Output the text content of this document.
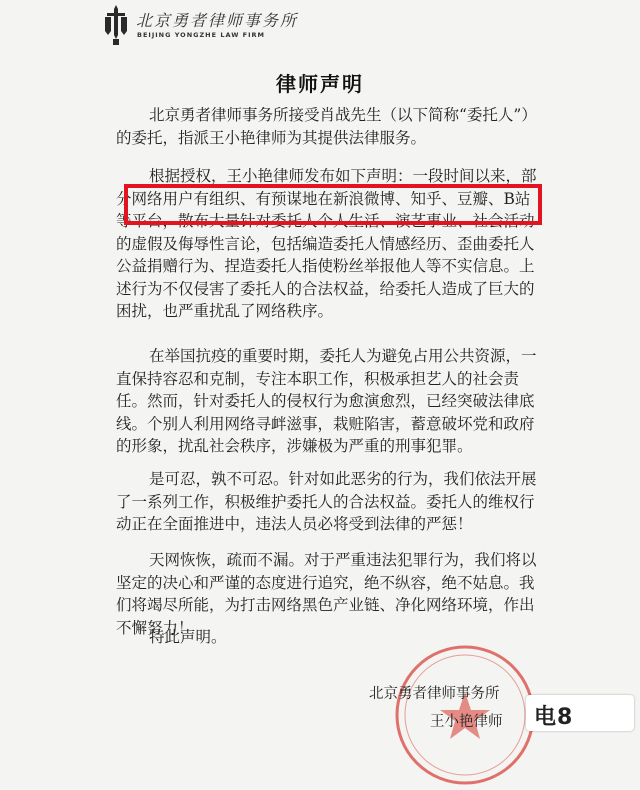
北京勇者律师事务所
BEIJING YONGZHE LAW FIRM
律师声明

北京勇者律师事务所接受肖战先生（以下简称“委托人”）的委托，指派王小艳律师为其提供法律服务。

根据授权，王小艳律师发布如下声明：一段时间以来，部分网络用户有组织、有预谋地在新浪微博、知乎、豆瓣、B站等平台，散布大量针对委托人个人生活、演艺事业、社会活动的虚假及侮辱性言论，包括编造委托人情感经历、歪曲委托人公益捐赠行为、捏造委托人指使粉丝举报他人等不实信息。上述行为不仅侵害了委托人的合法权益，给委托人造成了巨大的困扰，也严重扰乱了网络秩序。

在举国抗疫的重要时期，委托人为避免占用公共资源，一直保持容忍和克制，专注本职工作，积极承担艺人的社会责任。然而，针对委托人的侵权行为愈演愈烈，已经突破法律底线。个别人利用网络寻衅滋事，栽赃陷害，蓄意破坏党和政府的形象，扰乱社会秩序，涉嫌极为严重的刑事犯罪。

是可忍，孰不可忍。针对如此恶劣的行为，我们依法开展了一系列工作，积极维护委托人的合法权益。委托人的维权行动正在全面推进中，违法人员必将受到法律的严惩！

天网恢恢，疏而不漏。对于严重违法犯罪行为，我们将以坚定的决心和严谨的态度进行追究，绝不纵容，绝不姑息。我们将竭尽所能，为打击网络黑色产业链、净化网络环境，作出不懈努力！

特此声明。

北京勇者律师事务所
王小艳律师 电8
